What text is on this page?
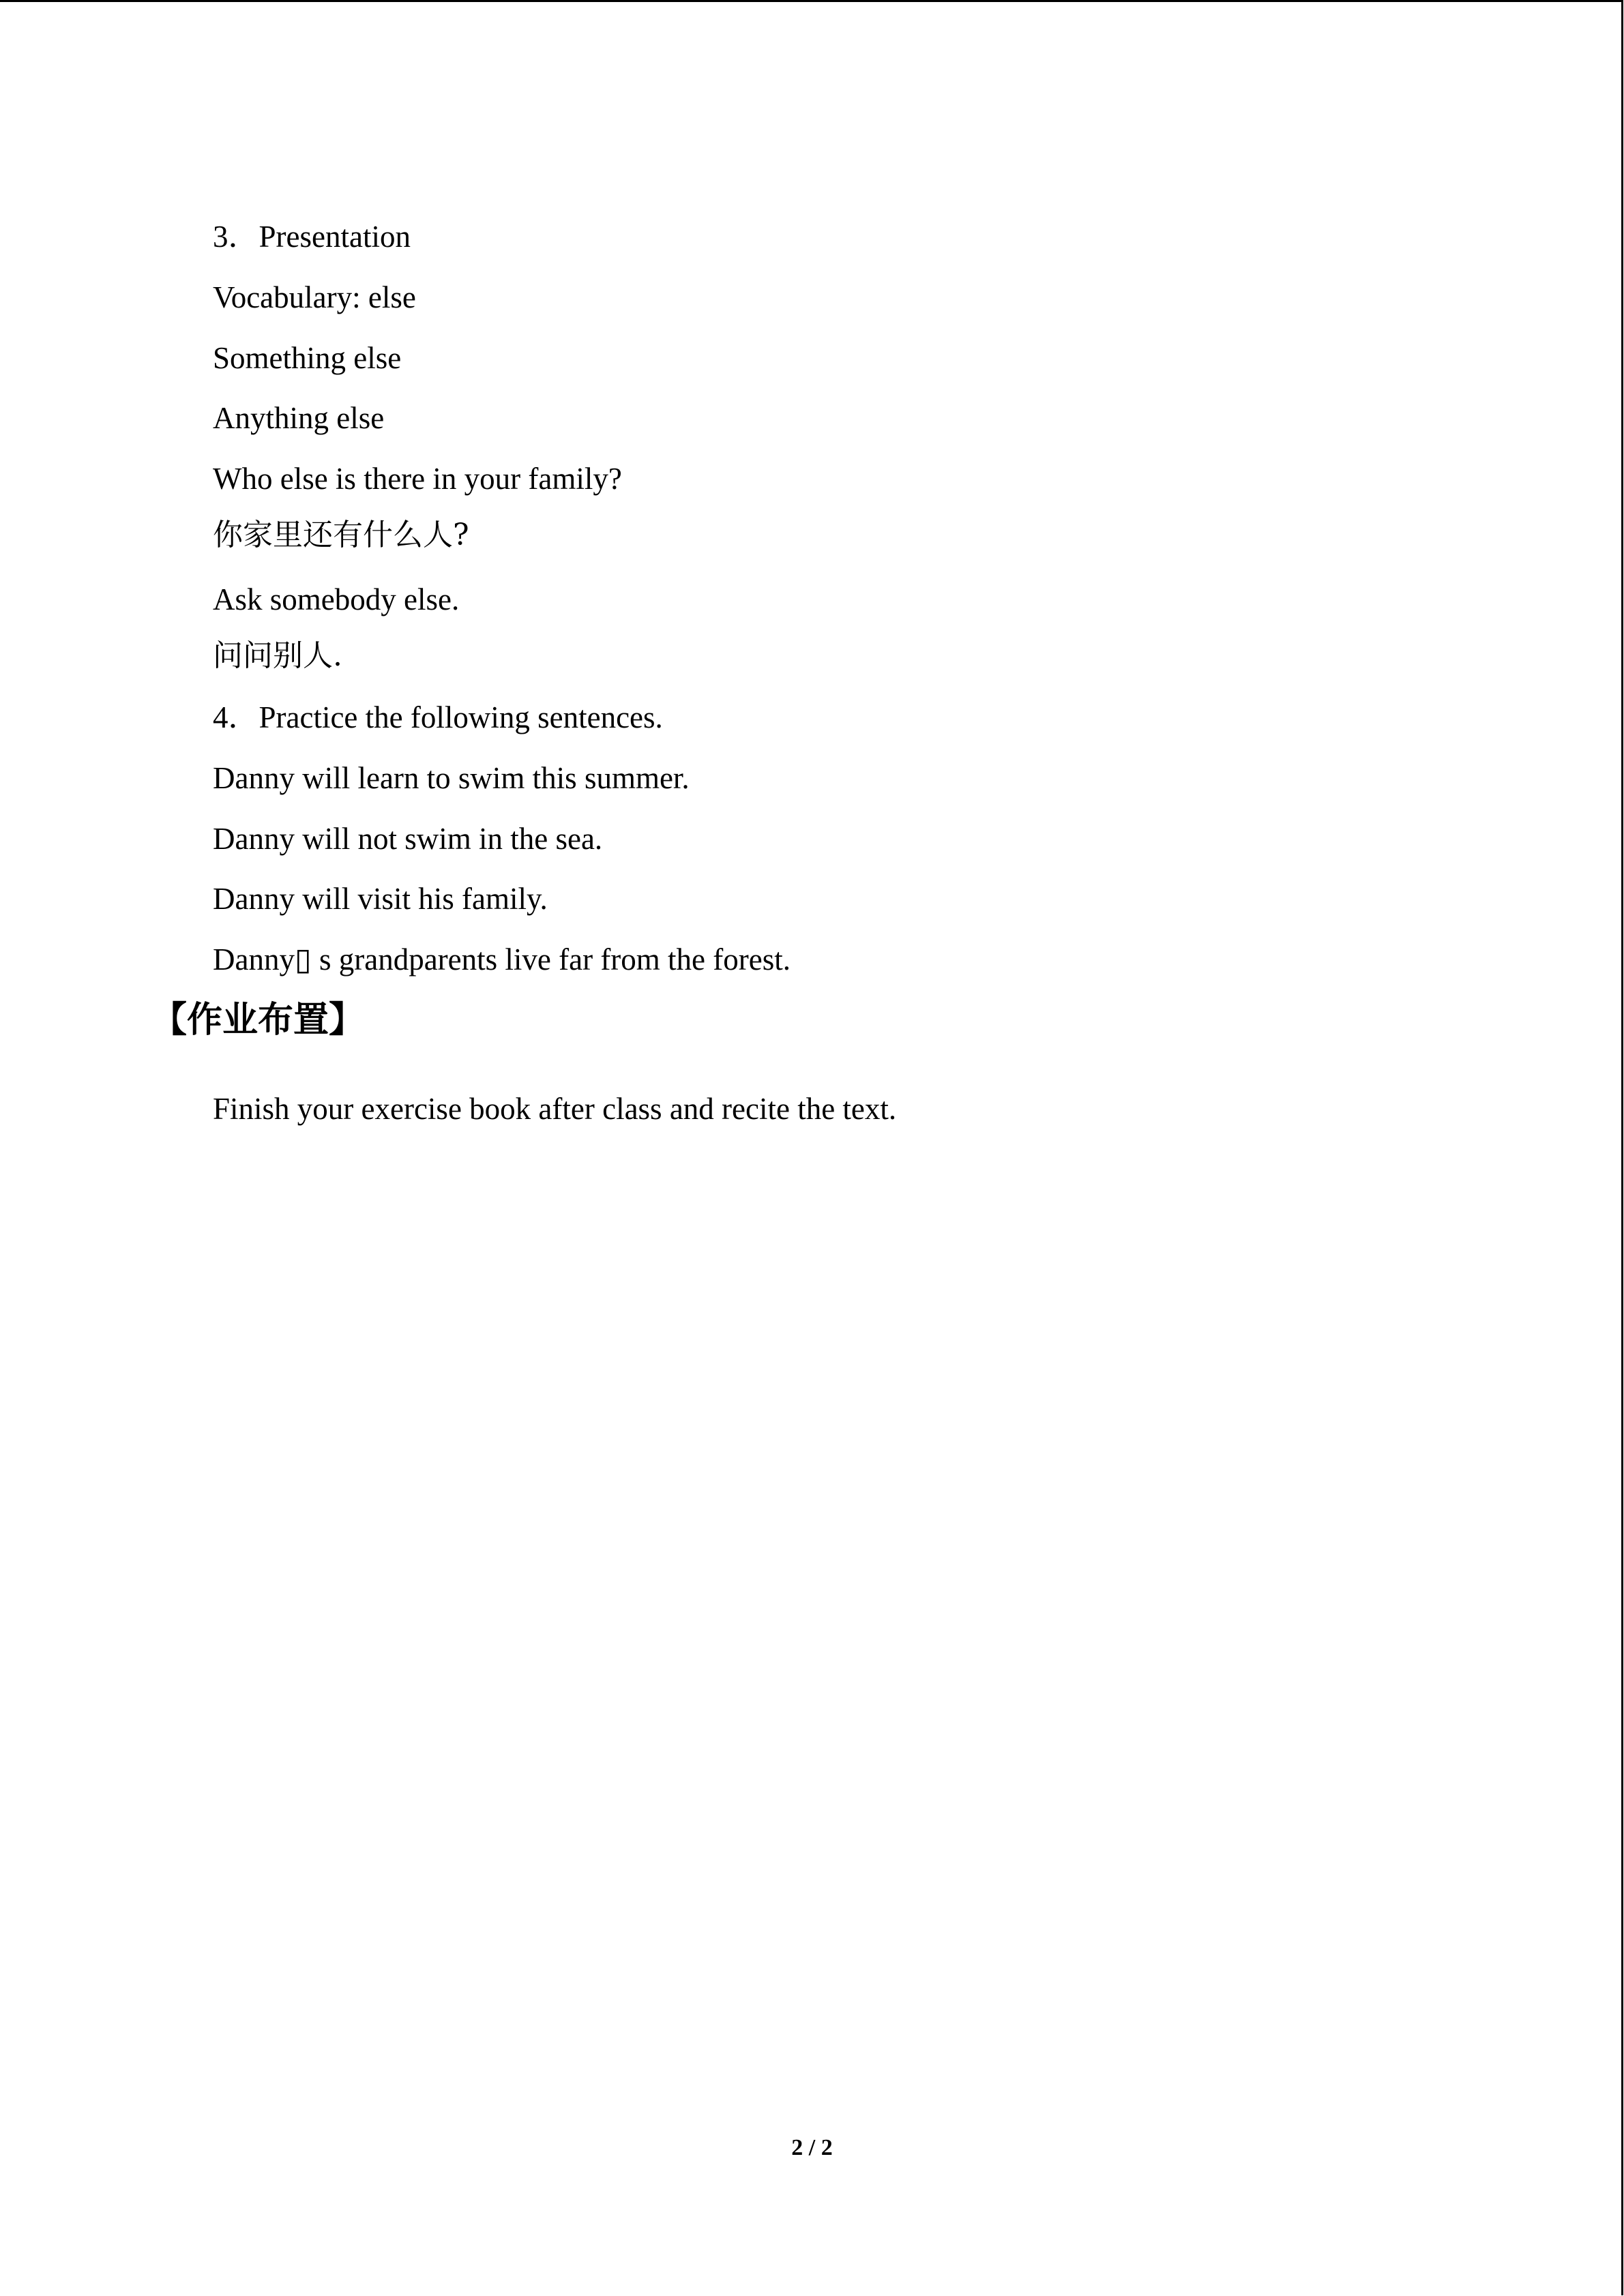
3．Presentation
Vocabulary: else
Something else
Anything else
Who else is there in your family?
你家里还有什么人?
Ask somebody else.
问问别人.
4．Practice the following sentences.
Danny will learn to swim this summer.
Danny will not swim in the sea.
Danny will visit his family.
Danny▯ s grandparents live far from the forest.
【作业布置】
Finish your exercise book after class and recite the text.
2 / 2
